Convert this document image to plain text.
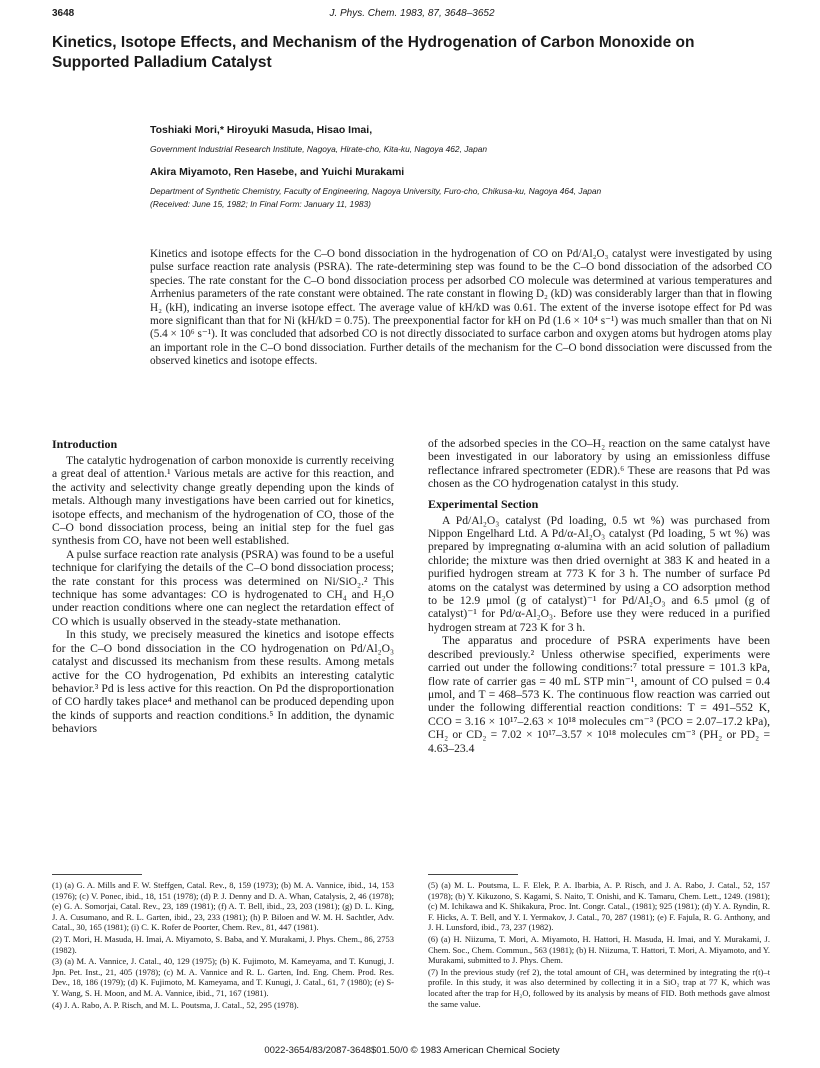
3648	J. Phys. Chem. 1983, 87, 3648–3652
Kinetics, Isotope Effects, and Mechanism of the Hydrogenation of Carbon Monoxide on Supported Palladium Catalyst

Toshiaki Mori,* Hiroyuki Masuda, Hisao Imai,

Government Industrial Research Institute, Nagoya, Hirate-cho, Kita-ku, Nagoya 462, Japan

Akira Miyamoto, Ren Hasebe, and Yuichi Murakami

Department of Synthetic Chemistry, Faculty of Engineering, Nagoya University, Furo-cho, Chikusa-ku, Nagoya 464, Japan

(Received: June 15, 1982; In Final Form: January 11, 1983)

Kinetics and isotope effects for the C–O bond dissociation in the hydrogenation of CO on Pd/Al₂O₃ catalyst were investigated by using pulse surface reaction rate analysis (PSRA). The rate-determining step was found to be the C–O bond dissociation of the adsorbed CO species. The rate constant for the C–O bond dissociation process per adsorbed CO molecule was determined at various temperatures and Arrhenius parameters of the rate constant were obtained. The rate constant in flowing D₂ (kD) was considerably larger than that in flowing H₂ (kH), indicating an inverse isotope effect. The average value of kH/kD was 0.61. The extent of the inverse isotope effect for Pd was more significant than that for Ni (kH/kD = 0.75). The preexponential factor for kH on Pd (1.6 × 10⁴ s⁻¹) was much smaller than that on Ni (5.4 × 10⁶ s⁻¹). It was concluded that adsorbed CO is not directly dissociated to surface carbon and oxygen atoms but hydrogen atoms play an important role in the C–O bond dissociation. Further details of the mechanism for the C–O bond dissociation were discussed from the observed kinetics and isotope effects.

Introduction

The catalytic hydrogenation of carbon monoxide is currently receiving a great deal of attention.¹ Various metals are active for this reaction, and the activity and selectivity change greatly depending upon the kinds of metals. Although many investigations have been carried out for kinetics, isotope effects, and mechanism of the hydrogenation of CO, those of the C–O bond dissociation process, being an initial step for the fuel gas synthesis from CO, have not been well established.

A pulse surface reaction rate analysis (PSRA) was found to be a useful technique for clarifying the details of the C–O bond dissociation process; the rate constant for this process was determined on Ni/SiO₂.² This technique has some advantages: CO is hydrogenated to CH₄ and H₂O under reaction conditions where one can neglect the retardation effect of CO which is usually observed in the steady-state methanation.

In this study, we precisely measured the kinetics and isotope effects for the C–O bond dissociation in the CO hydrogenation on Pd/Al₂O₃ catalyst and discussed its mechanism from these results. Among metals active for the CO hydrogenation, Pd exhibits an interesting catalytic behavior.³ Pd is less active for this reaction. On Pd the disproportionation of CO hardly takes place⁴ and methanol can be produced depending upon the kinds of supports and reaction conditions.⁵ In addition, the dynamic behaviors

of the adsorbed species in the CO–H₂ reaction on the same catalyst have been investigated in our laboratory by using an emissionless diffuse reflectance infrared spectrometer (EDR).⁶ These are reasons that Pd was chosen as the CO hydrogenation catalyst in this study.

Experimental Section

A Pd/Al₂O₃ catalyst (Pd loading, 0.5 wt %) was purchased from Nippon Engelhard Ltd. A Pd/α-Al₂O₃ catalyst (Pd loading, 5 wt %) was prepared by impregnating α-alumina with an acid solution of palladium chloride; the mixture was then dried overnight at 383 K and heated in a purified hydrogen stream at 773 K for 3 h. The number of surface Pd atoms on the catalyst was determined by using a CO adsorption method to be 12.9 μmol (g of catalyst)⁻¹ for Pd/Al₂O₃ and 6.5 μmol (g of catalyst)⁻¹ for Pd/α-Al₂O₃. Before use they were reduced in a purified hydrogen stream at 723 K for 3 h.

The apparatus and procedure of PSRA experiments have been described previously.² Unless otherwise specified, experiments were carried out under the following conditions:⁷ total pressure = 101.3 kPa, flow rate of carrier gas = 40 mL STP min⁻¹, amount of CO pulsed = 0.4 μmol, and T = 468–573 K. The continuous flow reaction was carried out under the following differential reaction conditions: T = 491–552 K, CCO = 3.16 × 10¹⁷–2.63 × 10¹⁸ molecules cm⁻³ (PCO = 2.07–17.2 kPa), CH₂ or CD₂ = 7.02 × 10¹⁷–3.57 × 10¹⁸ molecules cm⁻³ (PH₂ or PD₂ = 4.63–23.4

(1) (a) G. A. Mills and F. W. Steffgen, Catal. Rev., 8, 159 (1973); (b) M. A. Vannice, ibid., 14, 153 (1976); (c) V. Ponec, ibid., 18, 151 (1978); (d) P. J. Denny and D. A. Whan, Catalysis, 2, 46 (1978); (e) G. A. Somorjai, Catal. Rev., 23, 189 (1981); (f) A. T. Bell, ibid., 23, 203 (1981); (g) D. L. King, J. A. Cusumano, and R. L. Garten, ibid., 23, 233 (1981); (h) P. Biloen and W. M. H. Sachtler, Adv. Catal., 30, 165 (1981); (i) C. K. Rofer de Poorter, Chem. Rev., 81, 447 (1981).

(2) T. Mori, H. Masuda, H. Imai, A. Miyamoto, S. Baba, and Y. Murakami, J. Phys. Chem., 86, 2753 (1982).

(3) (a) M. A. Vannice, J. Catal., 40, 129 (1975); (b) K. Fujimoto, M. Kameyama, and T. Kunugi, J. Jpn. Pet. Inst., 21, 405 (1978); (c) M. A. Vannice and R. L. Garten, Ind. Eng. Chem. Prod. Res. Dev., 18, 186 (1979); (d) K. Fujimoto, M. Kameyama, and T. Kunugi, J. Catal., 61, 7 (1980); (e) S-Y. Wang, S. H. Moon, and M. A. Vannice, ibid., 71, 167 (1981).

(4) J. A. Rabo, A. P. Risch, and M. L. Poutsma, J. Catal., 52, 295 (1978).

(5) (a) M. L. Poutsma, L. F. Elek, P. A. Ibarbia, A. P. Risch, and J. A. Rabo, J. Catal., 52, 157 (1978); (b) Y. Kikuzono, S. Kagami, S. Naito, T. Onishi, and K. Tamaru, Chem. Lett., 1249. (1981); (c) M. Ichikawa and K. Shikakura, Proc. Int. Congr. Catal., (1981); 925 (1981); (d) Y. A. Ryndin, R. F. Hicks, A. T. Bell, and Y. I. Yermakov, J. Catal., 70, 287 (1981); (e) F. Fajula, R. G. Anthony, and J. H. Lunsford, ibid., 73, 237 (1982).

(6) (a) H. Niizuma, T. Mori, A. Miyamoto, H. Hattori, H. Masuda, H. Imai, and Y. Murakami, J. Chem. Soc., Chem. Commun., 563 (1981); (b) H. Niizuma, T. Hattori, T. Mori, A. Miyamoto, and Y. Murakami, submitted to J. Phys. Chem.

(7) In the previous study (ref 2), the total amount of CH₄ was determined by integrating the r(t)–t profile. In this study, it was also determined by collecting it in a SiO₂ trap at 77 K, which was located after the trap for H₂O, followed by its analysis by means of FID. Both methods gave almost the same value.

0022-3654/83/2087-3648$01.50/0 © 1983 American Chemical Society
